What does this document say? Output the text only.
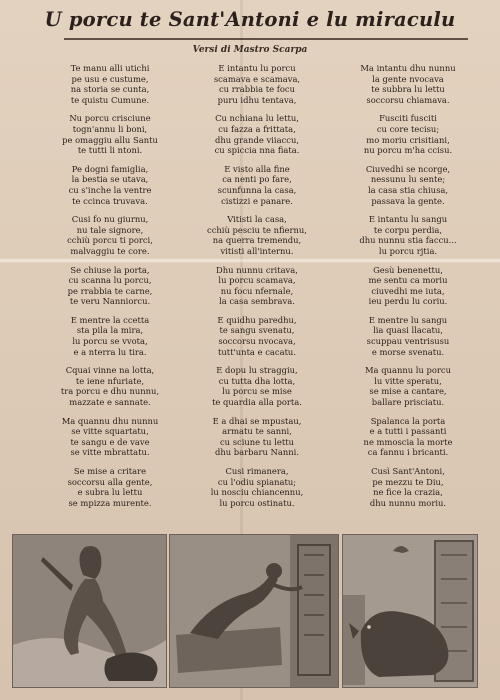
U porcu te Sant'Antoni e lu miraculu
Versi di Mastro Scarpa
Te manu alli utichi
pe usu e custume,
na storia se cunta,
te quistu Cumune.
Nu porcu crisciune
togn'annu li boni,
pe omaggiu allu Santu
te tutti li ntoni.
Pe dogni famiglia,
la bestia se utava,
cu s'inche la ventre
te ccinca truvava.
Cusi fo nu giurnu,
nu tale signore,
cchiù porcu ti porci,
malvaggiu te core.
Se chiuse la porta,
cu scanna lu porcu,
pe rrabbia te carne,
te veru Nanniorcu.
E mentre la ccetta
sta pila la mira,
lu porcu se vvota,
e a nterra lu tira.
Cquai vinne na lotta,
te iene nfuriate,
tra porcu e dhu nunnu,
mazzate e sannate.
Ma quannu dhu nunnu
se vitte squartatu,
te sangu e de vave
se vitte mbrattatu.
Se mise a critare
soccorsu alla gente,
e subra lu lettu
se mpizza murente.
E intantu lu porcu
scamava e scamava,
cu rrabbia te focu
puru idhu tentava,
Cu nchiana lu lettu,
cu fazza a frittata,
dhu grande viiaccu,
cu spiccia nna fiata.
E visto alla fine
ca nenti po fare,
scunfunna la casa,
cistizzi e panare.
Vitisti la casa,
cchiù pesciu te nfiernu,
na querra tremendu,
vitisti all'internu.
Dhu nunnu critava,
lu porcu scamava,
nu focu nfernale,
la casa sembrava.
E quidhu paredhu,
te sangu svenatu,
soccorsu nvocava,
tutt'unta e cacatu.
E dopu lu straggiu,
cu tutta dha lotta,
lu porcu se mise
te quardia alla porta.
E a dhai se mpustau,
armatu te sanni,
cu sciune tu lettu
dhu barbaru Nanni.
Cusi rimanera,
cu l'odiu spianatu;
lu nosciu chiancennu,
lu porcu ostinatu.
Ma intantu dhu nunnu
la gente nvocava
te subbra lu lettu
soccorsu chiamava.
Fusciti fusciti
cu core tecisu;
mo moriu crisitiani,
nu porcu m'ha ccisu.
Ciuvedhi se ncorge,
nessunu lu sente;
la casa stia chiusa,
passava la gente.
E intantu lu sangu
te corpu perdia,
dhu nunnu stia faccu...
lu porcu rjtia.
Gesù benenettu,
me sentu ca moriu
ciuvedhi me iuta,
ieu perdu lu coriu.
E mentre lu sangu
lia quasi llacatu,
scuppau ventrisusu
e morse svenatu.
Ma quannu lu porcu
lu vitte speratu,
se mise a cantare,
ballare prisciatu.
Spalanca la porta
e a tutti i passanti
ne mmoscia la morte
ca fannu i bricanti.
Cusì Sant'Antoni,
pe mezzu te Diu,
ne fice la crazia,
dhu nunnu moriu.
